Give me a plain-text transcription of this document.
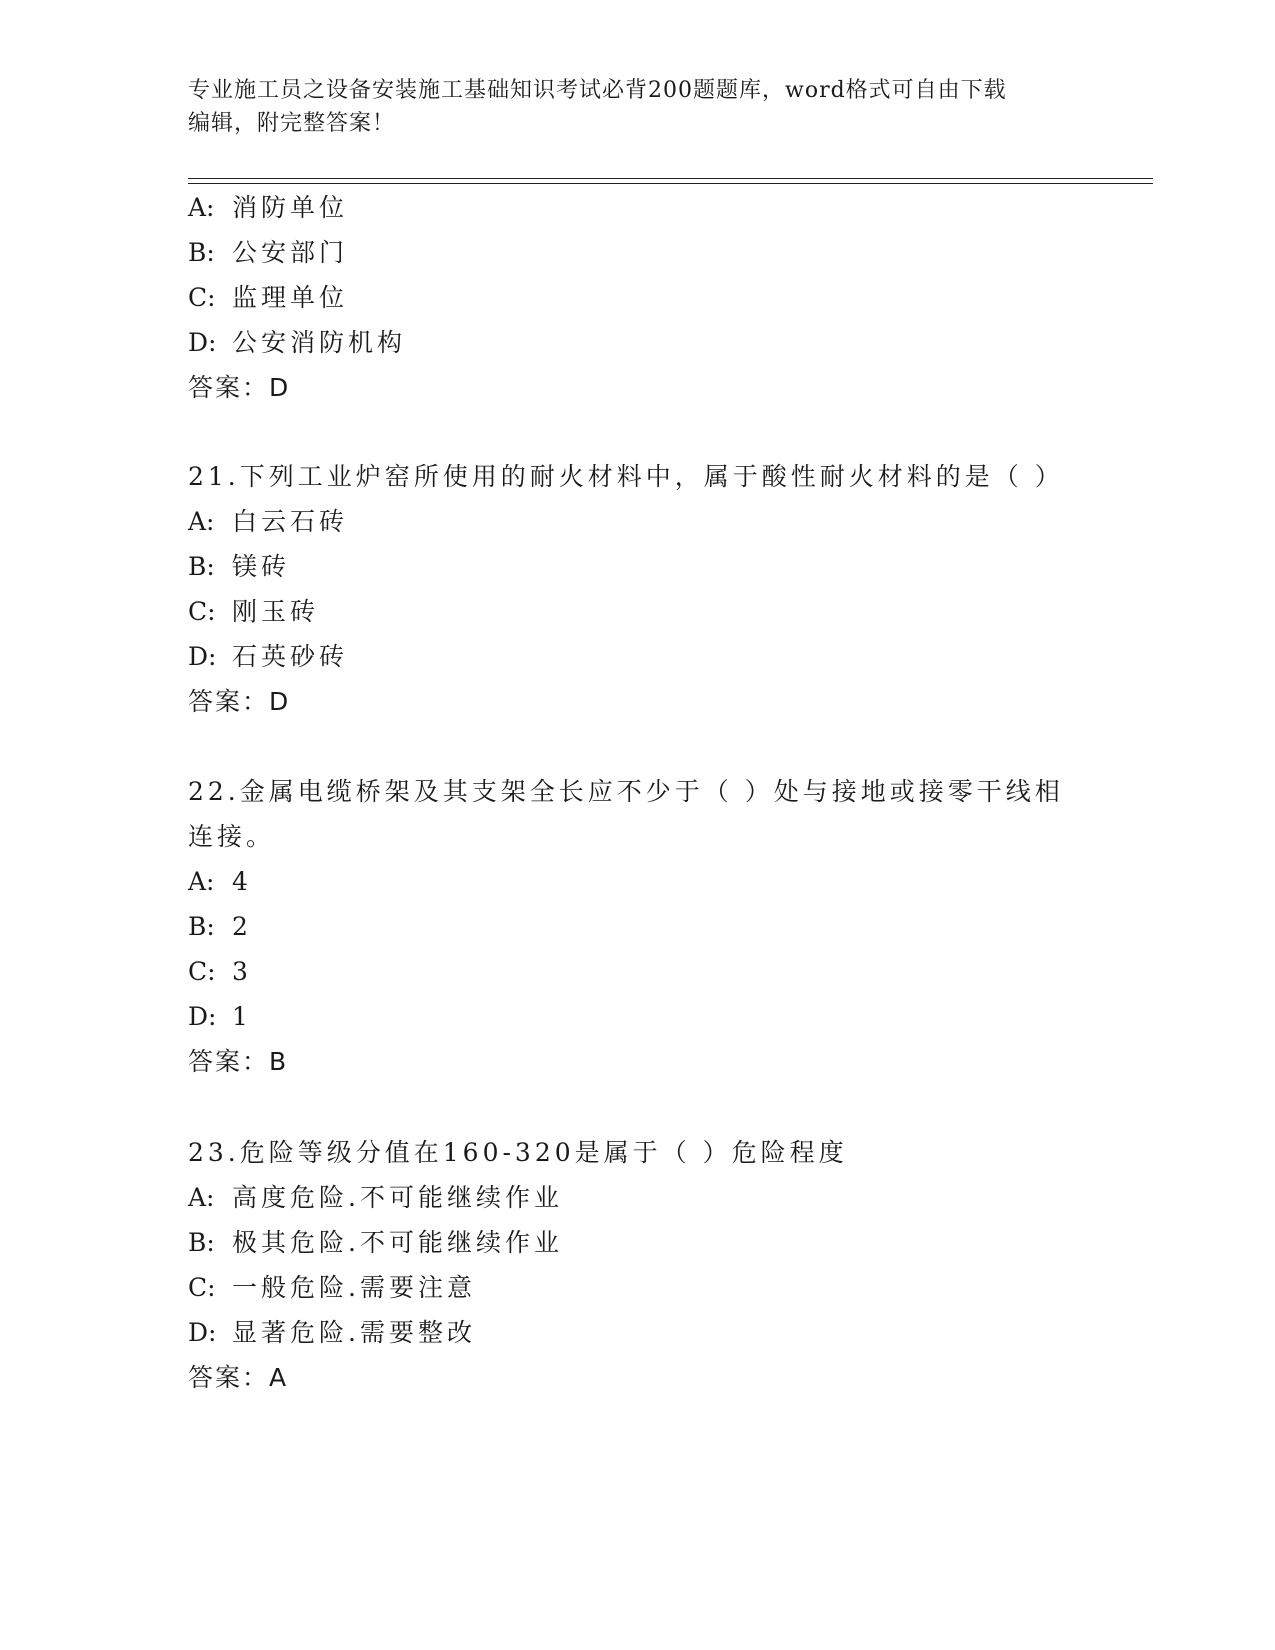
专业施工员之设备安装施工基础知识考试必背200题题库，word格式可自由下载
编辑，附完整答案！
A: 消防单位
B: 公安部门
C: 监理单位
D: 公安消防机构
答案：D
21.下列工业炉窑所使用的耐火材料中，属于酸性耐火材料的是（ ）
A: 白云石砖
B: 镁砖
C: 刚玉砖
D: 石英砂砖
答案：D
22.金属电缆桥架及其支架全长应不少于（ ）处与接地或接零干线相
连接。
A: 4
B: 2
C: 3
D: 1
答案：B
23.危险等级分值在160-320是属于（ ）危险程度
A: 高度危险.不可能继续作业
B: 极其危险.不可能继续作业
C: 一般危险.需要注意
D: 显著危险.需要整改
答案：A
